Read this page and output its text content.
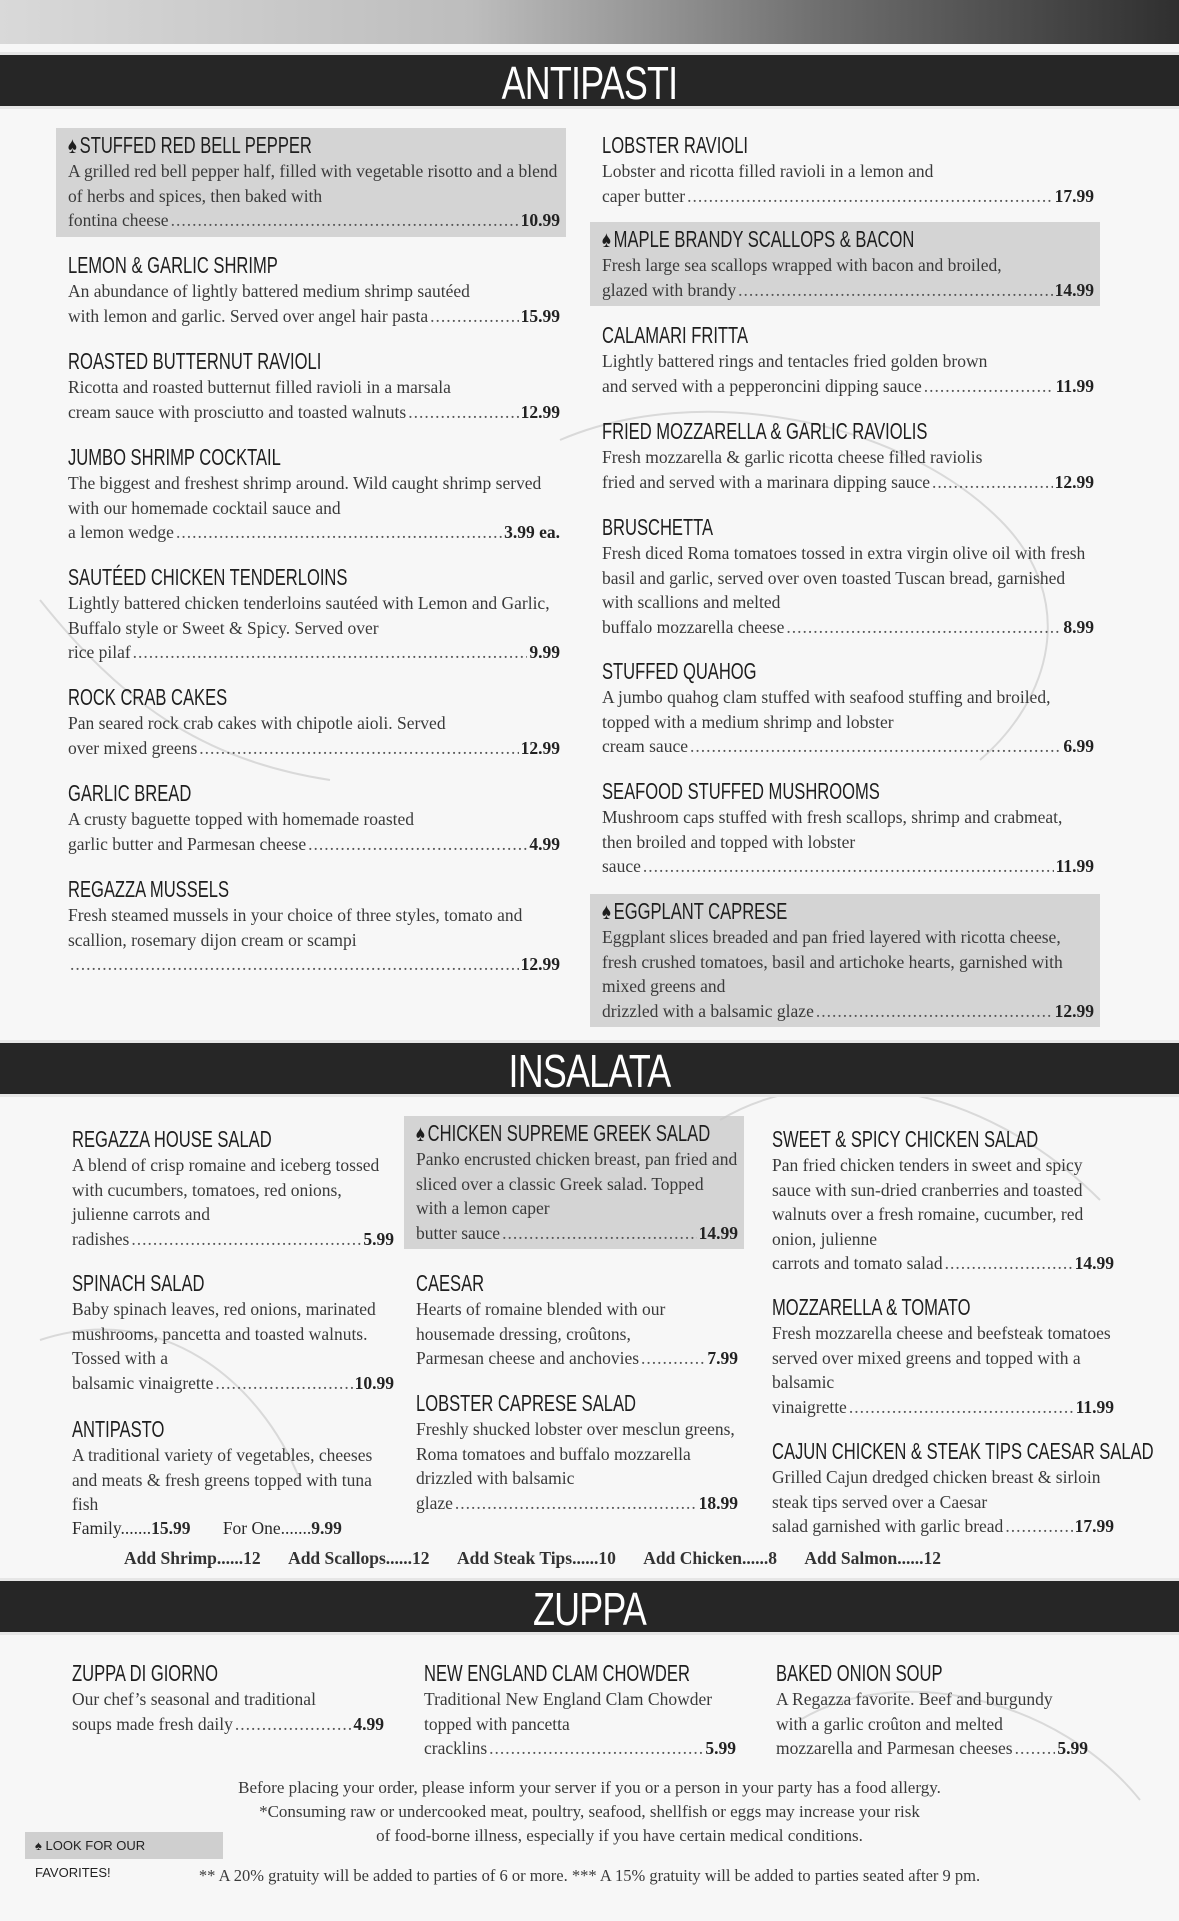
ANTIPASTI
♠ STUFFED RED BELL PEPPER
A grilled red bell pepper half, filled with vegetable risotto and a blend of herbs and spices, then baked with
fontina cheese .....	10.99
LEMON & GARLIC SHRIMP
An abundance of lightly battered medium shrimp sautéed
with lemon and garlic. Served over angel hair pasta .....	15.99
ROASTED BUTTERNUT RAVIOLI
Ricotta and roasted butternut filled ravioli in a marsala
cream sauce with prosciutto and toasted walnuts .....	12.99
JUMBO SHRIMP COCKTAIL
The biggest and freshest shrimp around. Wild caught shrimp served with our homemade cocktail sauce and
a lemon wedge .....	3.99 ea.
SAUTÉED CHICKEN TENDERLOINS
Lightly battered chicken tenderloins sautéed with Lemon and Garlic, Buffalo style or Sweet & Spicy. Served over
rice pilaf .....	9.99
ROCK CRAB CAKES
Pan seared rock crab cakes with chipotle aioli. Served
over mixed greens .....	12.99
GARLIC BREAD
A crusty baguette topped with homemade roasted
garlic butter and Parmesan cheese .....	4.99
REGAZZA MUSSELS
Fresh steamed mussels in your choice of three styles, tomato and scallion, rosemary dijon cream or scampi
.....
12.99
LOBSTER RAVIOLI
Lobster and ricotta filled ravioli in a lemon and
caper butter .....	17.99
♠ MAPLE BRANDY SCALLOPS & BACON
Fresh large sea scallops wrapped with bacon and broiled,
glazed with brandy .....	14.99
CALAMARI FRITTA
Lightly battered rings and tentacles fried golden brown
and served with a pepperoncini dipping sauce .....	11.99
FRIED MOZZARELLA & GARLIC RAVIOLIS
Fresh mozzarella & garlic ricotta cheese filled raviolis
fried and served with a marinara dipping sauce .....	12.99
BRUSCHETTA
Fresh diced Roma tomatoes tossed in extra virgin olive oil with fresh basil and garlic, served over oven toasted Tuscan bread, garnished with scallions and melted
buffalo mozzarella cheese .....	8.99
STUFFED QUAHOG
A jumbo quahog clam stuffed with seafood stuffing and broiled, topped with a medium shrimp and lobster
cream sauce .....	6.99
SEAFOOD STUFFED MUSHROOMS
Mushroom caps stuffed with fresh scallops, shrimp and crabmeat, then broiled and topped with lobster
sauce .....	11.99
♠ EGGPLANT CAPRESE
Eggplant slices breaded and pan fried layered with ricotta cheese, fresh crushed tomatoes, basil and artichoke hearts, garnished with mixed greens and
drizzled with a balsamic glaze .....	12.99
INSALATA
REGAZZA HOUSE SALAD
A blend of crisp romaine and iceberg tossed with cucumbers, tomatoes, red onions, julienne carrots and
radishes .....	5.99
SPINACH SALAD
Baby spinach leaves, red onions, marinated mushrooms, pancetta and toasted walnuts. Tossed with a
balsamic vinaigrette .....	10.99
ANTIPASTO
A traditional variety of vegetables, cheeses and meats & fresh greens topped with tuna fish
♠ CHICKEN SUPREME GREEK SALAD
Panko encrusted chicken breast, pan fried and sliced over a classic Greek salad. Topped with a lemon caper
butter sauce .....	14.99
CAESAR
Hearts of romaine blended with our housemade dressing, croûtons,
Parmesan cheese and anchovies .....	7.99
LOBSTER CAPRESE SALAD
Freshly shucked lobster over mesclun greens, Roma tomatoes and buffalo mozzarella drizzled with balsamic
glaze .....	18.99
SWEET & SPICY CHICKEN SALAD
Pan fried chicken tenders in sweet and spicy sauce with sun-dried cranberries and toasted walnuts over a fresh romaine, cucumber, red onion, julienne
carrots and tomato salad .....	14.99
MOZZARELLA & TOMATO
Fresh mozzarella cheese and beefsteak tomatoes served over mixed greens and topped with a balsamic
vinaigrette .....	11.99
CAJUN CHICKEN & STEAK TIPS CAESAR SALAD
Grilled Cajun dredged chicken breast & sirloin steak tips served over a Caesar
salad garnished with garlic bread .....	17.99
Family.......15.99 For One.......9.99
Add Shrimp......12 Add Scallops......12 Add Steak Tips......10 Add Chicken......8 Add Salmon......12
ZUPPA
ZUPPA DI GIORNO
Our chef’s seasonal and traditional
soups made fresh daily .....	4.99
NEW ENGLAND CLAM CHOWDER
Traditional New England Clam Chowder topped with pancetta
cracklins .....	5.99
BAKED ONION SOUP
A Regazza favorite. Beef and burgundy with a garlic croûton and melted
mozzarella and Parmesan cheeses .....	5.99
Before placing your order, please inform your server if you or a person in your party has a food allergy.
*Consuming raw or undercooked meat, poultry, seafood, shellfish or eggs may increase your risk
of food-borne illness, especially if you have certain medical conditions.
♠ LOOK FOR OUR FAVORITES!	** A 20% gratuity will be added to parties of 6 or more. *** A 15% gratuity will be added to parties seated after 9 pm.
